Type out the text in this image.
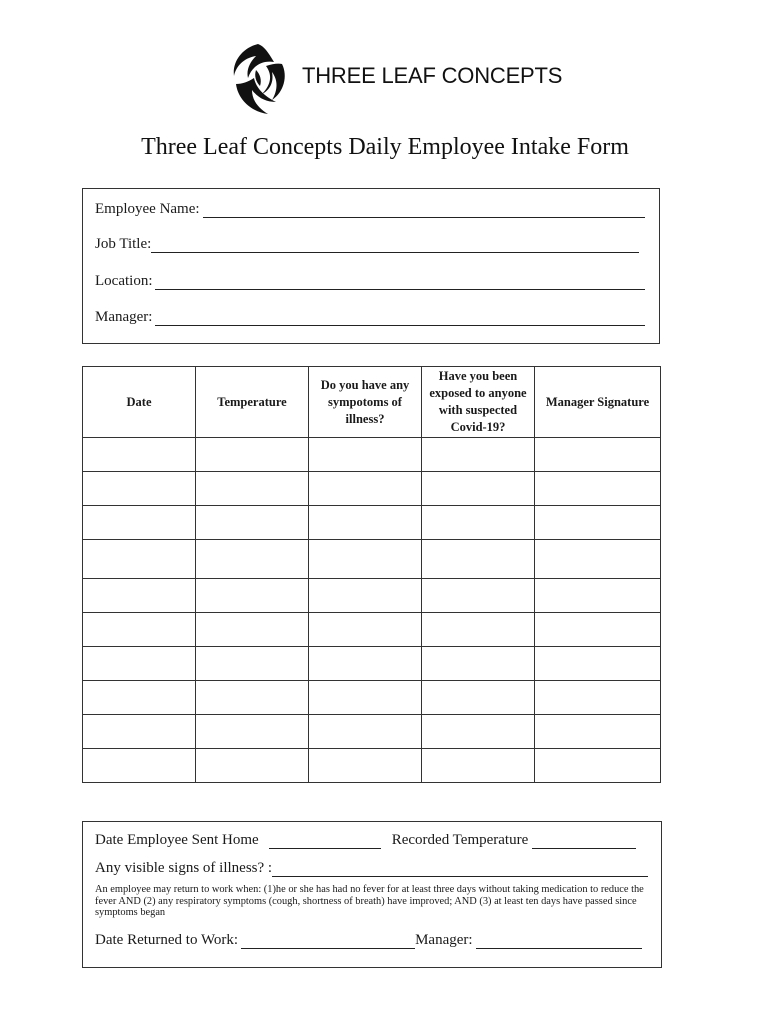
THREE LEAF CONCEPTS
Three Leaf Concepts Daily Employee Intake Form
Employee Name:
Job Title:
Location:
Manager:
Date	Temperature	Do you have any sympotoms of illness?	Have you been exposed to anyone with suspected Covid-19?	Manager Signature

Date Employee Sent Home	Recorded Temperature
Any visible signs of illness? :
An employee may return to work when: (1)he or she has had no fever for at least three days without taking medication to reduce the fever AND (2) any respiratory symptoms (cough, shortness of breath) have improved; AND (3) at least ten days have passed since symptoms began
Date Returned to Work:	Manager:
